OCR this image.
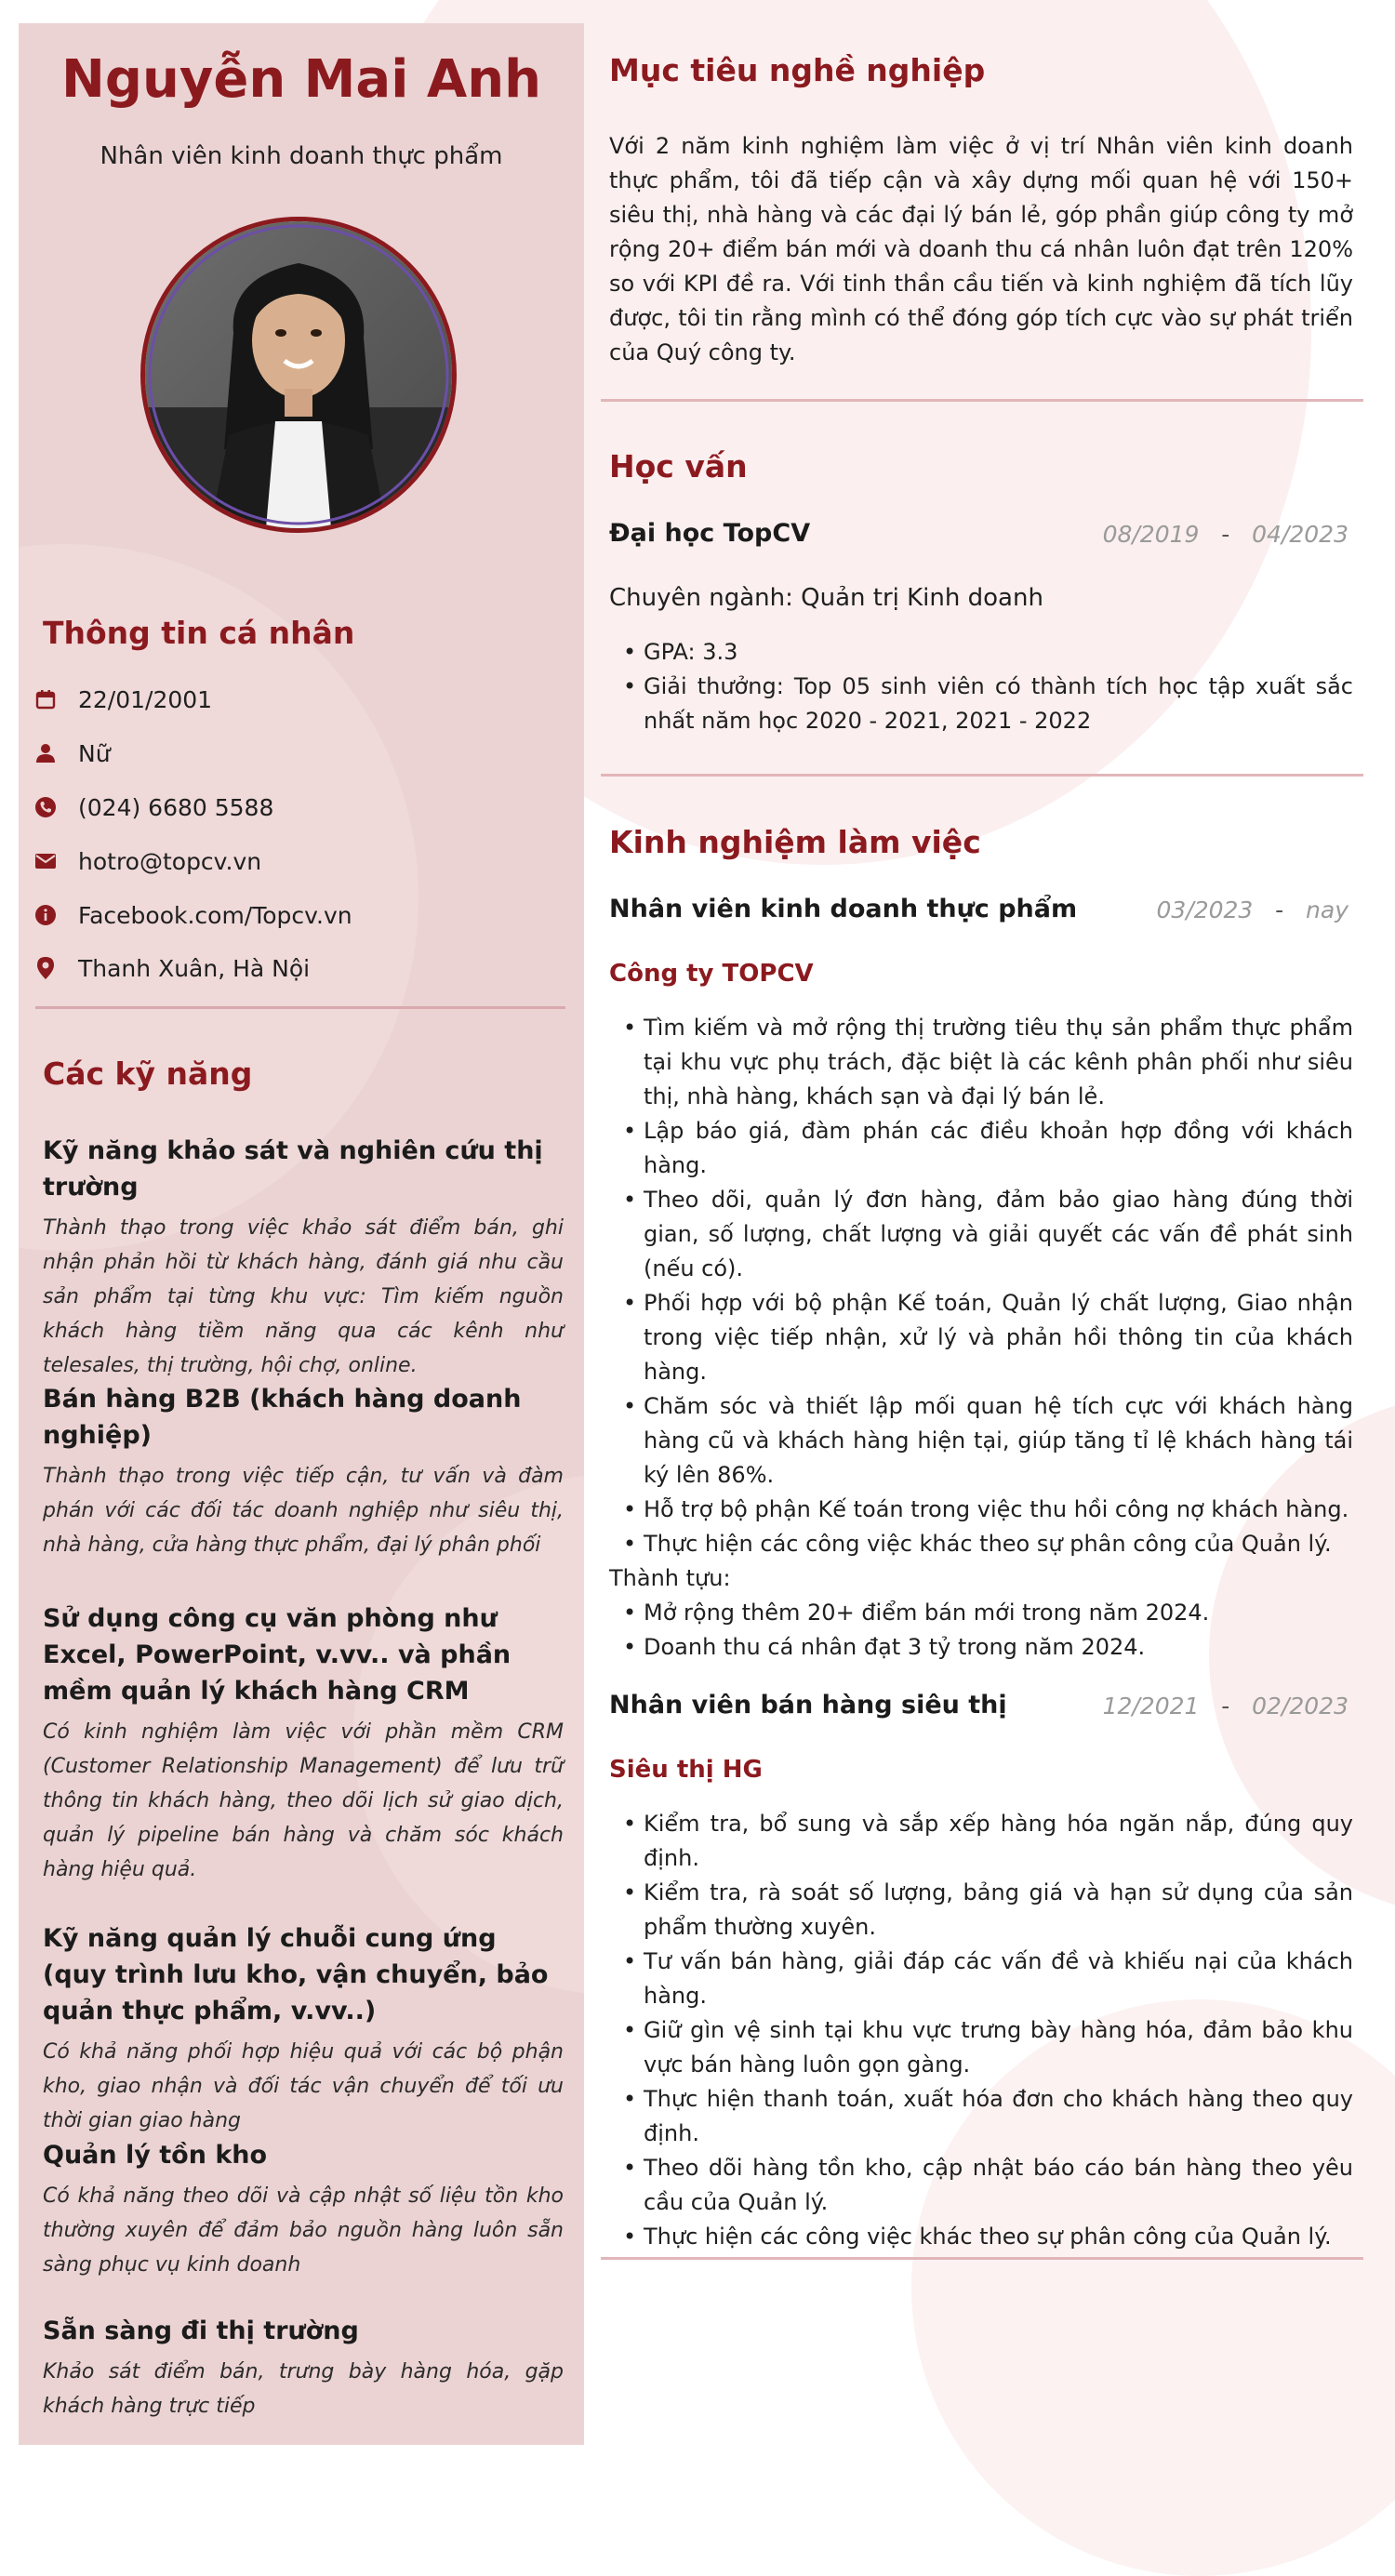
Nguyễn Mai Anh

Nhân viên kinh doanh thực phẩm

Thông tin cá nhân
22/01/2001
Nữ
(024) 6680 5588
hotro@topcv.vn
Facebook.com/Topcv.vn
Thanh Xuân, Hà Nội
Các kỹ năng

Kỹ năng khảo sát và nghiên cứu thị trường

Thành thạo trong việc khảo sát điểm bán, ghi nhận phản hồi từ khách hàng, đánh giá nhu cầu sản phẩm tại từng khu vực: Tìm kiếm nguồn khách hàng tiềm năng qua các kênh như telesales, thị trường, hội chợ, online.

Bán hàng B2B (khách hàng doanh nghiệp)

Thành thạo trong việc tiếp cận, tư vấn và đàm phán với các đối tác doanh nghiệp như siêu thị, nhà hàng, cửa hàng thực phẩm, đại lý phân phối

Sử dụng công cụ văn phòng như Excel, PowerPoint, v.vv.. và phần mềm quản lý khách hàng CRM

Có kinh nghiệm làm việc với phần mềm CRM (Customer Relationship Management) để lưu trữ thông tin khách hàng, theo dõi lịch sử giao dịch, quản lý pipeline bán hàng và chăm sóc khách hàng hiệu quả.

Kỹ năng quản lý chuỗi cung ứng (quy trình lưu kho, vận chuyển, bảo quản thực phẩm, v.vv..)

Có khả năng phối hợp hiệu quả với các bộ phận kho, giao nhận và đối tác vận chuyển để tối ưu thời gian giao hàng

Quản lý tồn kho

Có khả năng theo dõi và cập nhật số liệu tồn kho thường xuyên để đảm bảo nguồn hàng luôn sẵn sàng phục vụ kinh doanh

Sẵn sàng đi thị trường

Khảo sát điểm bán, trưng bày hàng hóa, gặp khách hàng trực tiếp

Mục tiêu nghề nghiệp

Với 2 năm kinh nghiệm làm việc ở vị trí Nhân viên kinh doanh thực phẩm, tôi đã tiếp cận và xây dựng mối quan hệ với 150+ siêu thị, nhà hàng và các đại lý bán lẻ, góp phần giúp công ty mở rộng 20+ điểm bán mới và doanh thu cá nhân luôn đạt trên 120% so với KPI đề ra. Với tinh thần cầu tiến và kinh nghiệm đã tích lũy được, tôi tin rằng mình có thể đóng góp tích cực vào sự phát triển của Quý công ty.

Học vấn

Đại học TopCV	08/2019 - 04/2023

Chuyên ngành: Quản trị Kinh doanh

• GPA: 3.3
• Giải thưởng: Top 05 sinh viên có thành tích học tập xuất sắc nhất năm học 2020 - 2021, 2021 - 2022
Kinh nghiệm làm việc

Nhân viên kinh doanh thực phẩm	03/2023 - nay

Công ty TOPCV

• Tìm kiếm và mở rộng thị trường tiêu thụ sản phẩm thực phẩm tại khu vực phụ trách, đặc biệt là các kênh phân phối như siêu thị, nhà hàng, khách sạn và đại lý bán lẻ.
• Lập báo giá, đàm phán các điều khoản hợp đồng với khách hàng.
• Theo dõi, quản lý đơn hàng, đảm bảo giao hàng đúng thời gian, số lượng, chất lượng và giải quyết các vấn đề phát sinh (nếu có).
• Phối hợp với bộ phận Kế toán, Quản lý chất lượng, Giao nhận trong việc tiếp nhận, xử lý và phản hồi thông tin của khách hàng.
• Chăm sóc và thiết lập mối quan hệ tích cực với khách hàng hàng cũ và khách hàng hiện tại, giúp tăng tỉ lệ khách hàng tái ký lên 86%.
• Hỗ trợ bộ phận Kế toán trong việc thu hồi công nợ khách hàng.
• Thực hiện các công việc khác theo sự phân công của Quản lý.

Thành tựu:

• Mở rộng thêm 20+ điểm bán mới trong năm 2024.
• Doanh thu cá nhân đạt 3 tỷ trong năm 2024.

Nhân viên bán hàng siêu thị	12/2021 - 02/2023

Siêu thị HG

• Kiểm tra, bổ sung và sắp xếp hàng hóa ngăn nắp, đúng quy định.
• Kiểm tra, rà soát số lượng, bảng giá và hạn sử dụng của sản phẩm thường xuyên.
• Tư vấn bán hàng, giải đáp các vấn đề và khiếu nại của khách hàng.
• Giữ gìn vệ sinh tại khu vực trưng bày hàng hóa, đảm bảo khu vực bán hàng luôn gọn gàng.
• Thực hiện thanh toán, xuất hóa đơn cho khách hàng theo quy định.
• Theo dõi hàng tồn kho, cập nhật báo cáo bán hàng theo yêu cầu của Quản lý.
• Thực hiện các công việc khác theo sự phân công của Quản lý.
